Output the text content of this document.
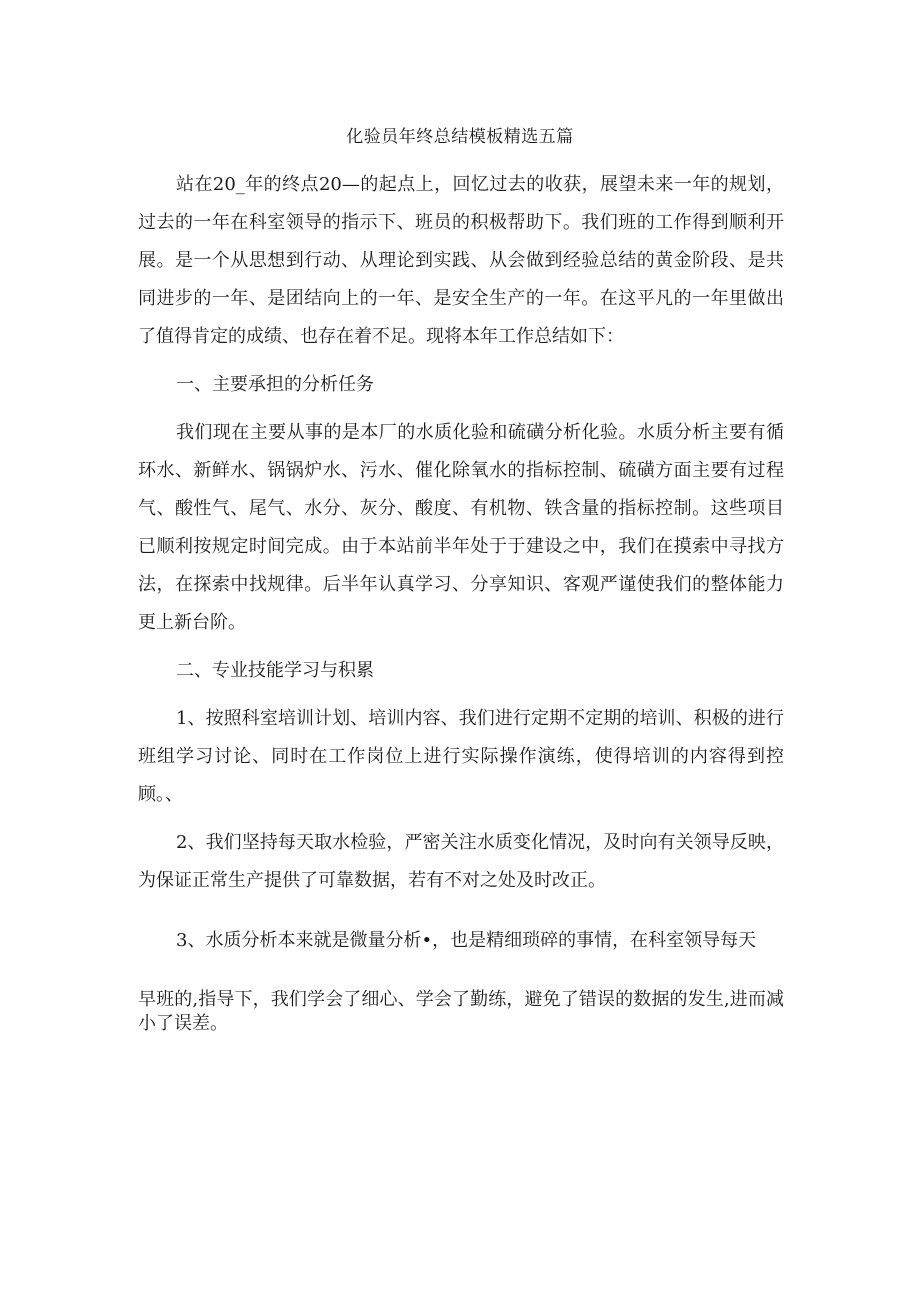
化验员年终总结模板精选五篇

站在20_年的终点20—的起点上，回忆过去的收获，展望未来一年的规划，过去的一年在科室领导的指示下、班员的积极帮助下。我们班的工作得到顺利开展。是一个从思想到行动、从理论到实践、从会做到经验总结的黄金阶段、是共同进步的一年、是团结向上的一年、是安全生产的一年。在这平凡的一年里做出了值得肯定的成绩、也存在着不足。现将本年工作总结如下：

一、主要承担的分析任务

我们现在主要从事的是本厂的水质化验和硫磺分析化验。水质分析主要有循环水、新鲜水、锅锅炉水、污水、催化除氧水的指标控制、硫磺方面主要有过程气、酸性气、尾气、水分、灰分、酸度、有机物、铁含量的指标控制。这些项目已顺利按规定时间完成。由于本站前半年处于于建设之中，我们在摸索中寻找方法，在探索中找规律。后半年认真学习、分享知识、客观严谨使我们的整体能力更上新台阶。

二、专业技能学习与积累

1、按照科室培训计划、培训内容、我们进行定期不定期的培训、积极的进行班组学习讨论、同时在工作岗位上进行实际操作演练，使得培训的内容得到控顾。、

2、我们坚持每天取水检验，严密关注水质变化情况，及时向有关领导反映，为保证正常生产提供了可靠数据，若有不对之处及时改正。

3、水质分析本来就是微量分析•，也是精细琐碎的事情，在科室领导每天

早班的,指导下，我们学会了细心、学会了勤练，避免了错误的数据的发生,进而减小了误差。
